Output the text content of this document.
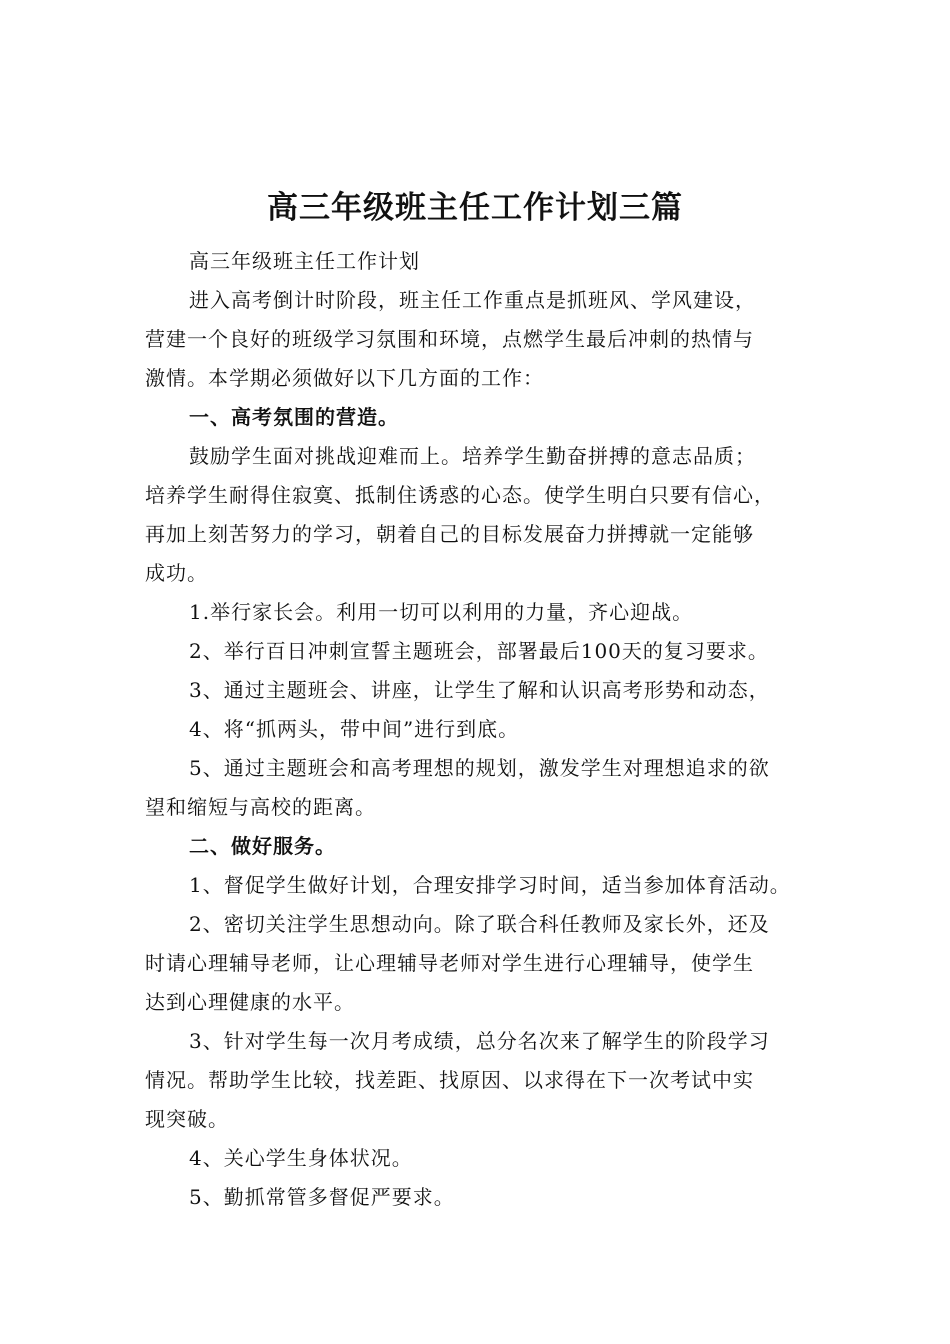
高三年级班主任工作计划三篇

高三年级班主任工作计划

进入高考倒计时阶段，班主任工作重点是抓班风、学风建设，
营建一个良好的班级学习氛围和环境，点燃学生最后冲刺的热情与
激情。本学期必须做好以下几方面的工作：

一、高考氛围的营造。

鼓励学生面对挑战迎难而上。培养学生勤奋拼搏的意志品质；
培养学生耐得住寂寞、抵制住诱惑的心态。使学生明白只要有信心，
再加上刻苦努力的学习，朝着自己的目标发展奋力拼搏就一定能够
成功。

1.举行家长会。利用一切可以利用的力量，齐心迎战。

2、举行百日冲刺宣誓主题班会，部署最后100天的复习要求。

3、通过主题班会、讲座，让学生了解和认识高考形势和动态，

4、将“抓两头，带中间”进行到底。

5、通过主题班会和高考理想的规划，激发学生对理想追求的欲
望和缩短与高校的距离。

二、做好服务。

1、督促学生做好计划，合理安排学习时间，适当参加体育活动。

2、密切关注学生思想动向。除了联合科任教师及家长外，还及
时请心理辅导老师，让心理辅导老师对学生进行心理辅导，使学生
达到心理健康的水平。

3、针对学生每一次月考成绩，总分名次来了解学生的阶段学习
情况。帮助学生比较，找差距、找原因、以求得在下一次考试中实
现突破。

4、关心学生身体状况。

5、勤抓常管多督促严要求。
